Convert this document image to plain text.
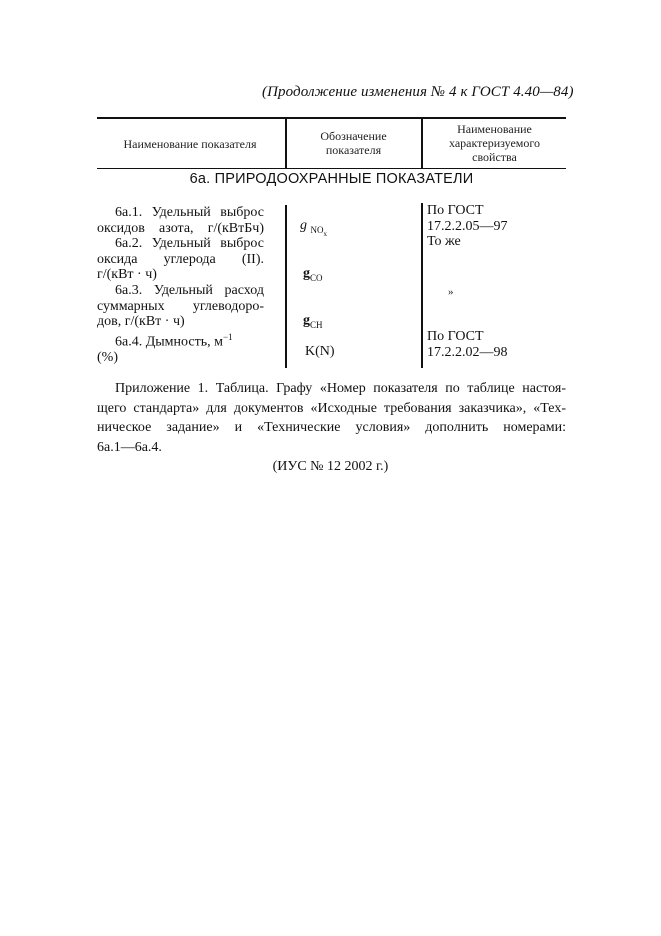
(Продолжение изменения № 4 к ГОСТ 4.40—84)
Наименование показателя
Обозначение
показателя
Наименование
характеризуемого
свойства
6а. ПРИРОДООХРАННЫЕ ПОКАЗАТЕЛИ
6а.1. Удельный выброс
оксидов азота, г/(кВтБч)
6а.2. Удельный выброс
оксида углерода (II).
г/(кВт · ч)
6а.3. Удельный расход
суммарных углеводоро-
дов, г/(кВт · ч)
6а.4. Дымность, $м^{-1}$
(%)
g $_{NOx}$
$g_{CO}$
$g_{CH}$
K(N)
По ГОСТ
17.2.2.05—97
То же
»
По ГОСТ
17.2.2.02—98
Приложение 1. Таблица. Графу «Номер показателя по таблице настоя-
щего стандарта» для документов «Исходные требования заказчика», «Тех-
ническое задание» и «Технические условия» дополнить номерами:
6а.1—6а.4.
(ИУС № 12 2002 г.)
